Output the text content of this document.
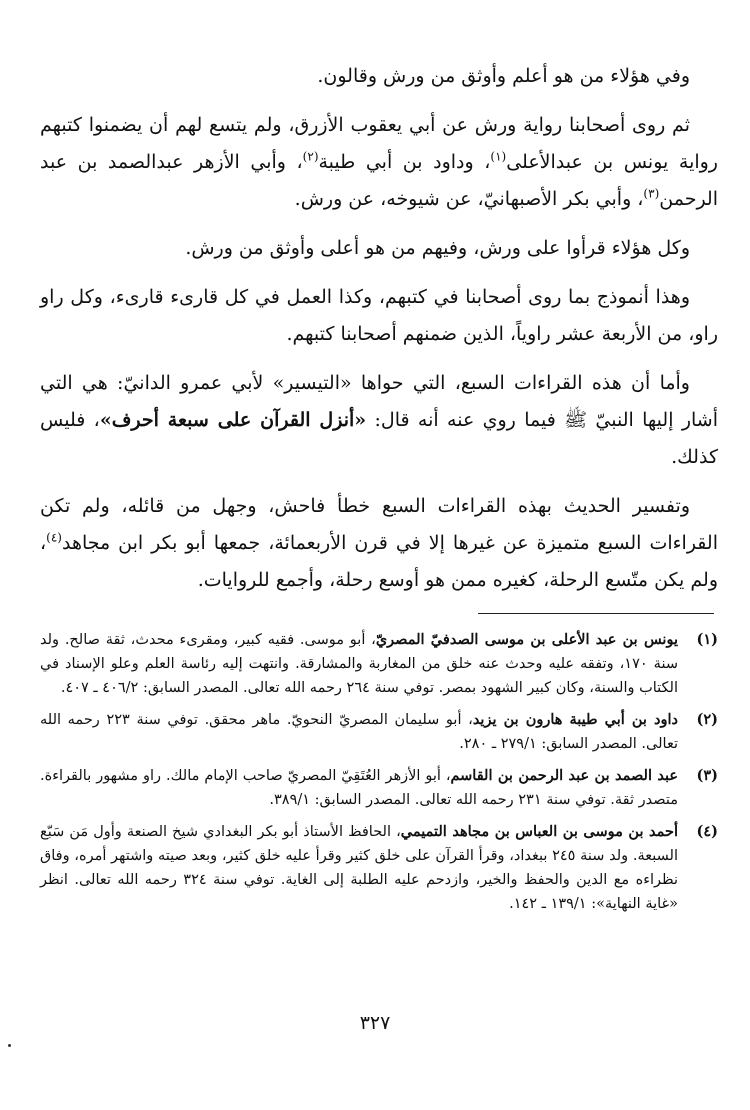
وفي هؤلاء من هو أعلم وأوثق من ورش وقالون.

ثم روى أصحابنا رواية ورش عن أبي يعقوب الأزرق، ولم يتسع لهم أن يضمنوا كتبهم رواية يونس بن عبدالأعلى$^{(١)}$، وداود بن أبي طيبة$^{(٢)}$، وأبي الأزهر عبدالصمد بن عبد الرحمن$^{(٣)}$، وأبي بكر الأصبهانيّ، عن شيوخه، عن ورش.

وكل هؤلاء قرأوا على ورش، وفيهم من هو أعلى وأوثق من ورش.

وهذا أنموذج بما روى أصحابنا في كتبهم، وكذا العمل في كل قارىء قارىء، وكل راو راو، من الأربعة عشر راوياً، الذين ضمنهم أصحابنا كتبهم.

وأما أن هذه القراءات السبع، التي حواها «التيسير» لأبي عمرو الدانيّ: هي التي أشار إليها النبيّ ﷺ فيما روي عنه أنه قال: «أنزل القرآن على سبعة أحرف»، فليس كذلك.

وتفسير الحديث بهذه القراءات السبع خطأ فاحش، وجهل من قائله، ولم تكن القراءات السبع متميزة عن غيرها إلا في قرن الأربعمائة، جمعها أبو بكر ابن مجاهد$^{(٤)}$، ولم يكن متّسع الرحلة، كغيره ممن هو أوسع رحلة، وأجمع للروايات.

(١)
يونس بن عبد الأعلى بن موسى الصدفيّ المصريّ، أبو موسى. فقيه كبير، ومقرىء محدث، ثقة صالح. ولد سنة ١٧٠، وتفقه عليه وحدث عنه خلق من المغاربة والمشارقة. وانتهت إليه رئاسة العلم وعلو الإسناد في الكتاب والسنة، وكان كبير الشهود بمصر. توفي سنة ٢٦٤ رحمه الله تعالى. المصدر السابق: ٤٠٦/٢ ـ ٤٠٧.
(٢)
داود بن أبي طيبة هارون بن يزيد، أبو سليمان المصريّ النحويّ. ماهر محقق. توفي سنة ٢٢٣ رحمه الله تعالى. المصدر السابق: ٢٧٩/١ ـ ٢٨٠.
(٣)
عبد الصمد بن عبد الرحمن بن القاسم، أبو الأزهر العُتَقِيّ المصريّ صاحب الإمام مالك. راو مشهور بالقراءة. متصدر ثقة. توفي سنة ٢٣١ رحمه الله تعالى. المصدر السابق: ٣٨٩/١.
(٤)
أحمد بن موسى بن العباس بن مجاهد التميمي، الحافظ الأستاذ أبو بكر البغدادي شيخ الصنعة وأول مَن سَبّع السبعة. ولد سنة ٢٤٥ ببغداد، وقرأ القرآن على خلق كثير وقرأ عليه خلق كثير، وبعد صيته واشتهر أمره، وفاق نظراءه مع الدين والحفظ والخير، وازدحم عليه الطلبة إلى الغاية. توفي سنة ٣٢٤ رحمه الله تعالى. انظر «غاية النهاية»: ١٣٩/١ ـ ١٤٢.
٣٢٧
